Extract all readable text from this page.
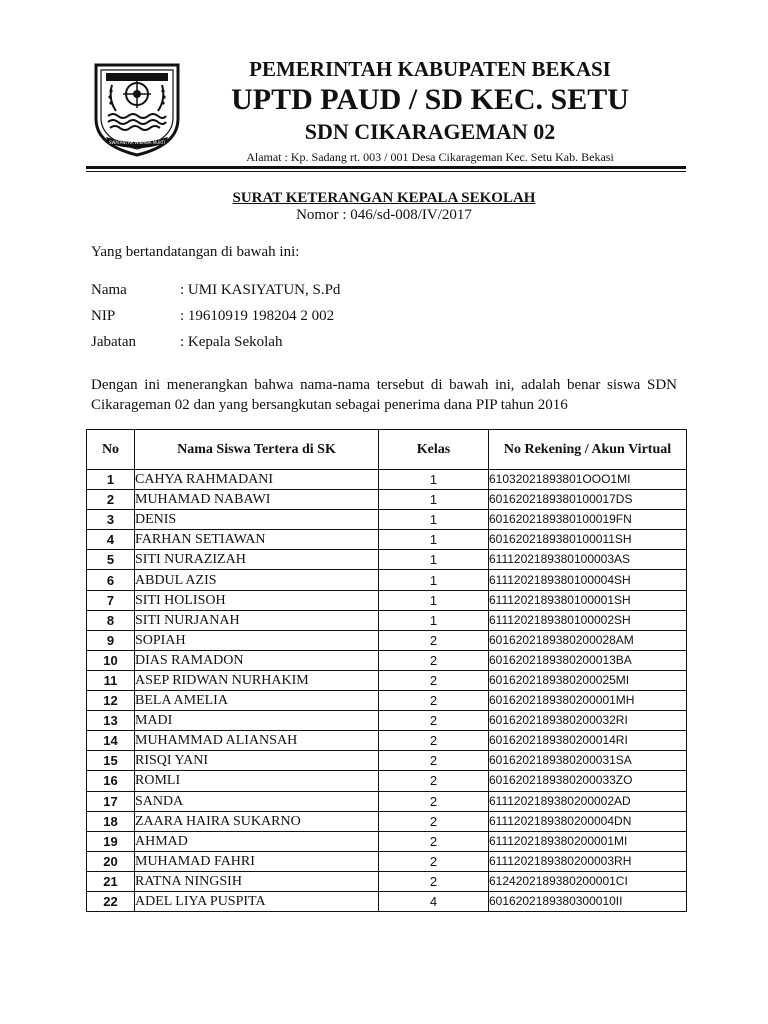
SWATANTRA WIBAWA MUKTI
PEMERINTAH KABUPATEN BEKASI
UPTD PAUD / SD KEC. SETU
SDN CIKARAGEMAN 02
Alamat : Kp. Sadang rt. 003 / 001 Desa Cikarageman Kec. Setu Kab. Bekasi
SURAT KETERANGAN KEPALA SEKOLAH
Nomor : 046/sd-008/IV/2017
Yang bertandatangan di bawah ini:
Nama	: UMI KASIYATUN, S.Pd
NIP	: 19610919 198204 2 002
Jabatan	: Kepala Sekolah
Dengan ini menerangkan bahwa nama-nama tersebut di bawah ini, adalah benar siswa SDN Cikarageman 02 dan yang bersangkutan sebagai penerima dana PIP tahun 2016
No	Nama Siswa Tertera di SK	Kelas	No Rekening / Akun Virtual
1	CAHYA RAHMADANI	1	61032021893801OOO1MI
2	MUHAMAD NABAWI	1	6016202189380100017DS
3	DENIS	1	6016202189380100019FN
4	FARHAN SETIAWAN	1	6016202189380100011SH
5	SITI NURAZIZAH	1	6111202189380100003AS
6	ABDUL AZIS	1	6111202189380100004SH
7	SITI HOLISOH	1	6111202189380100001SH
8	SITI NURJANAH	1	6111202189380100002SH
9	SOPIAH	2	6016202189380200028AM
10	DIAS RAMADON	2	6016202189380200013BA
11	ASEP RIDWAN NURHAKIM	2	6016202189380200025MI
12	BELA AMELIA	2	6016202189380200001MH
13	MADI	2	6016202189380200032RI
14	MUHAMMAD ALIANSAH	2	6016202189380200014RI
15	RISQI YANI	2	6016202189380200031SA
16	ROMLI	2	6016202189380200033ZO
17	SANDA	2	6111202189380200002AD
18	ZAARA HAIRA SUKARNO	2	6111202189380200004DN
19	AHMAD	2	6111202189380200001MI
20	MUHAMAD FAHRI	2	6111202189380200003RH
21	RATNA NINGSIH	2	6124202189380200001CI
22	ADEL LIYA PUSPITA	4	6016202189380300010II
